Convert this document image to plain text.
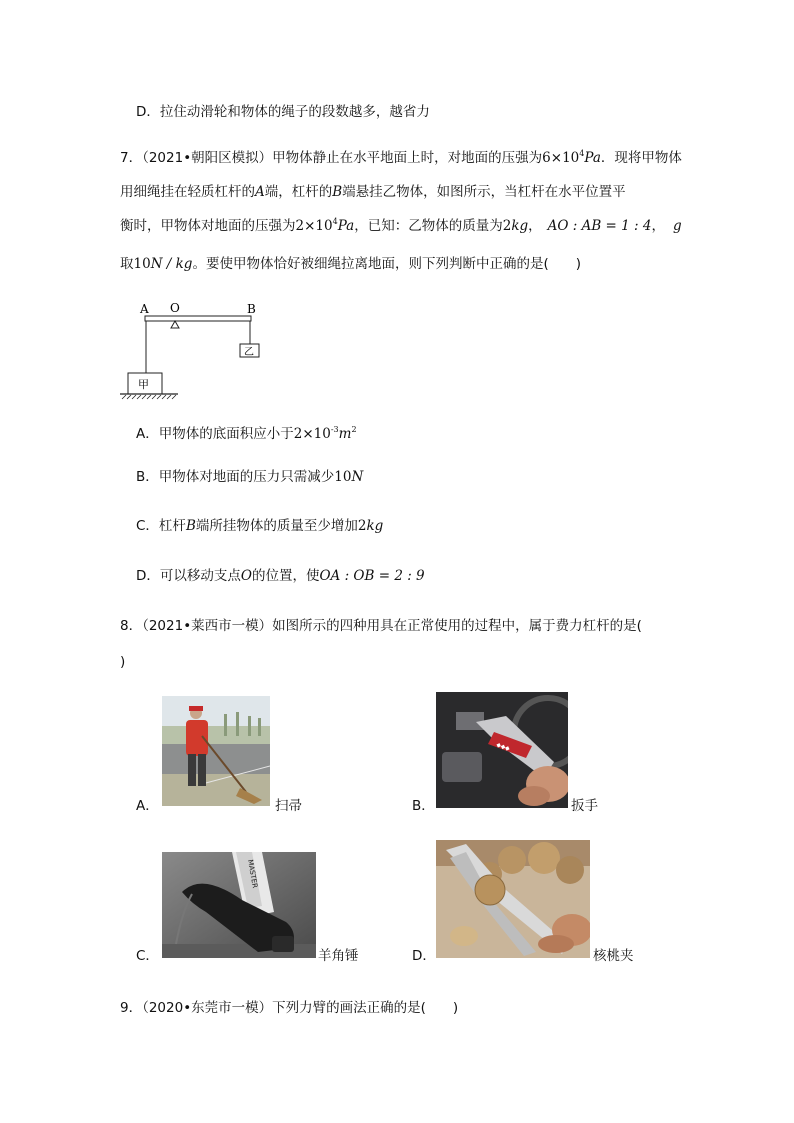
D．拉住动滑轮和物体的绳子的段数越多，越省力
7．（2021•朝阳区模拟）甲物体静止在水平地面上时，对地面的压强为$6\times 10^4Pa$．现将甲物体
用细绳挂在轻质杠杆的A端，杠杆的B端悬挂乙物体，如图所示，当杠杆在水平位置平
衡时，甲物体对地面的压强为$2\times 10^4Pa$，已知：乙物体的质量为2kg， AO : AB = 1 : 4， g
取10N / kg。要使甲物体恰好被细绳拉离地面，则下列判断中正确的是(　　)
A O	B
乙
甲
A．甲物体的底面积应小于$2\times 10^{-3}m^2$
B．甲物体对地面的压力只需减少10N
C．杠杆B端所挂物体的质量至少增加2kg
D．可以移动支点O的位置，使OA : OB = 2 : 9
8．（2021•莱西市一模）如图所示的四种用具在正常使用的过程中，属于费力杠杆的是(
)
A．	扫帚
◆◆◆
B．	扳手
MASTER
C．	羊角锤	D．	核桃夹
9．（2020•东莞市一模）下列力臂的画法正确的是(　　)
